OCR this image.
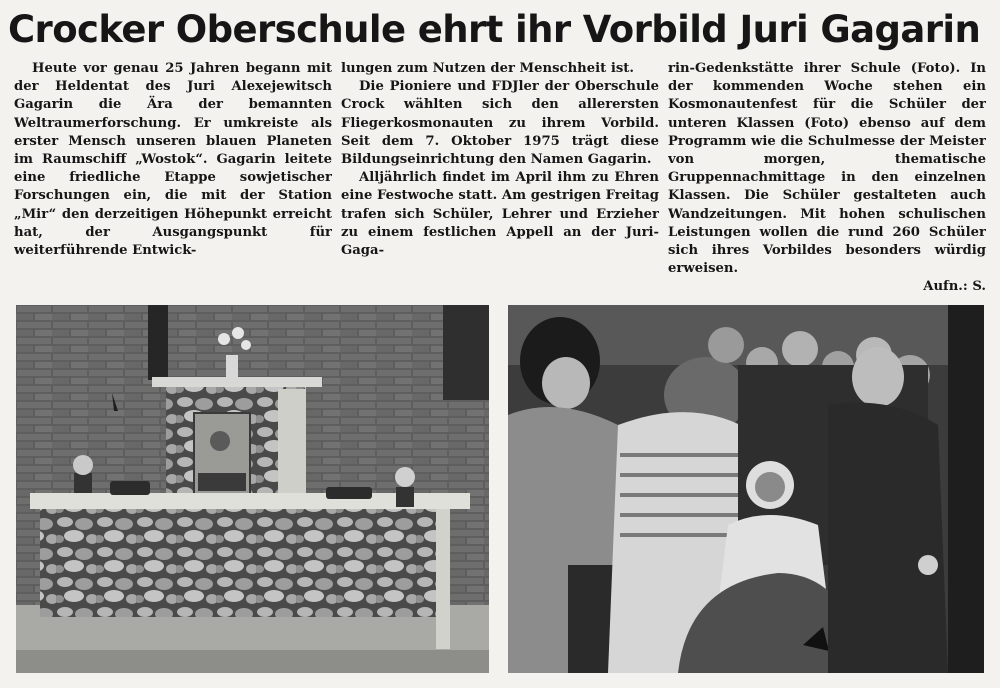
Crocker Oberschule ehrt ihr Vorbild Juri Gagarin

Heute vor genau 25 Jahren begann mit der Heldentat des Juri Alexejewitsch Gagarin die Ära der bemannten Weltraumerforschung. Er umkreiste als erster Mensch unseren blauen Planeten im Raumschiff „Wostok“. Gagarin leitete eine friedliche Etappe sowjetischer Forschungen ein, die mit der Station „Mir“ den derzeitigen Höhepunkt erreicht hat, der Ausgangspunkt für weiterführende Entwick-

lungen zum Nutzen der Menschheit ist.

Die Pioniere und FDJler der Oberschule Crock wählten sich den allerersten Fliegerkosmonauten zu ihrem Vorbild. Seit dem 7. Oktober 1975 trägt diese Bildungseinrichtung den Namen Gagarin.

Alljährlich findet im April ihm zu Ehren eine Festwoche statt. Am gestrigen Freitag trafen sich Schüler, Lehrer und Erzieher zu einem festlichen Appell an der Juri-Gaga-

rin-Gedenkstätte ihrer Schule (Foto). In der kommenden Woche stehen ein Kosmonautenfest für die Schüler der unteren Klassen (Foto) ebenso auf dem Programm wie die Schulmesse der Meister von morgen, thematische Gruppennachmittage in den einzelnen Klassen. Die Schüler gestalteten auch Wandzeitungen. Mit hohen schulischen Leistungen wollen die rund 260 Schüler sich ihres Vorbildes besonders würdig erweisen.

Aufn.: S.
